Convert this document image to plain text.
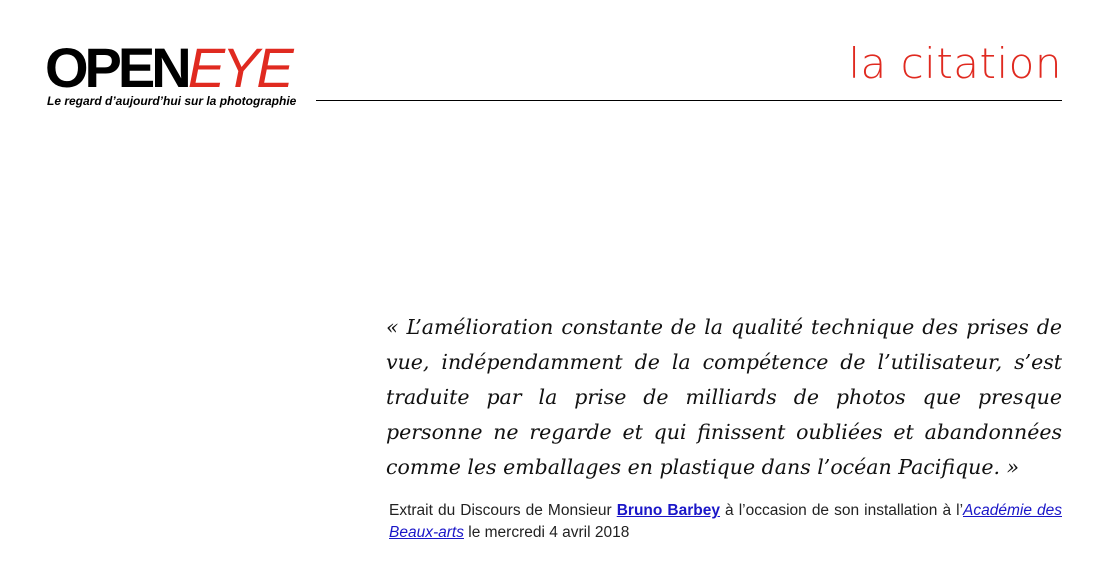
OPENEYE
Le regard d’aujourd’hui sur la photographie
la citation
« L’amélioration constante de la qualité technique des prises de vue, indépendamment de la compétence de l’utilisateur, s’est traduite par la prise de milliards de photos que presque personne ne regarde et qui finissent oubliées et abandonnées comme les emballages en plastique dans l’océan Pacifique. »
Extrait du Discours de Monsieur Bruno Barbey à l’occasion de son installation à l’Académie des Beaux-arts le mercredi 4 avril 2018
